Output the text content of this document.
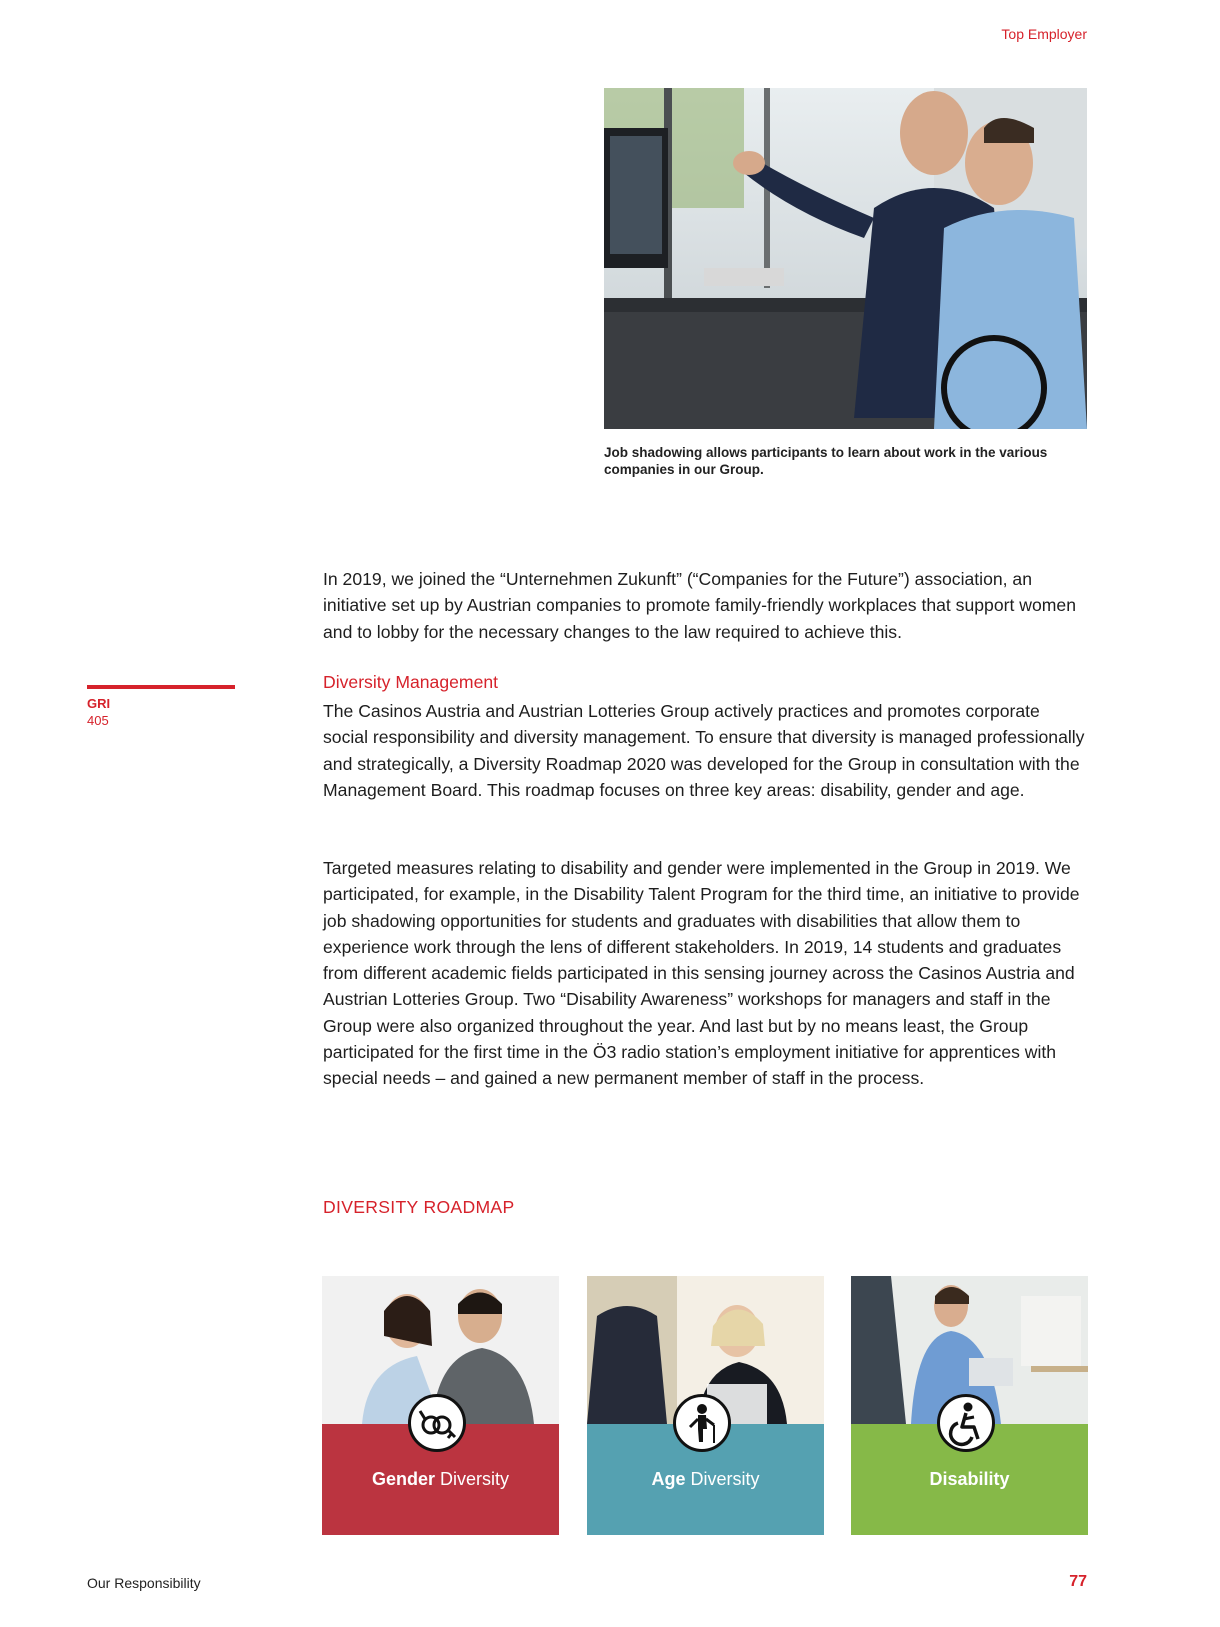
Top Employer
Job shadowing allows participants to learn about work in the various companies in our Group.
In 2019, we joined the “Unternehmen Zukunft” (“Companies for the Future”) association, an initiative set up by Austrian companies to promote family-friendly workplaces that support women and to lobby for the necessary changes to the law required to achieve this.
GRI
405
Diversity Management
The Casinos Austria and Austrian Lotteries Group actively practices and promotes corporate social responsibility and diversity management. To ensure that diversity is managed professionally and strategically, a Diversity Roadmap 2020 was developed for the Group in consultation with the Management Board. This roadmap focuses on three key areas: disability, gender and age.
Targeted measures relating to disability and gender were implemented in the Group in 2019. We participated, for example, in the Disability Talent Program for the third time, an initiative to provide job shadowing opportunities for students and graduates with disabilities that allow them to experience work through the lens of different stakeholders. In 2019, 14 students and graduates from different academic fields participated in this sensing journey across the Casinos Austria and Austrian Lotteries Group. Two “Disability Awareness” workshops for managers and staff in the Group were also organized throughout the year. And last but by no means least, the Group participated for the first time in the Ö3 radio station’s employment initiative for apprentices with special needs – and gained a new permanent member of staff in the process.
DIVERSITY ROADMAP
Gender Diversity	Age Diversity	Disability
Our Responsibility	77
